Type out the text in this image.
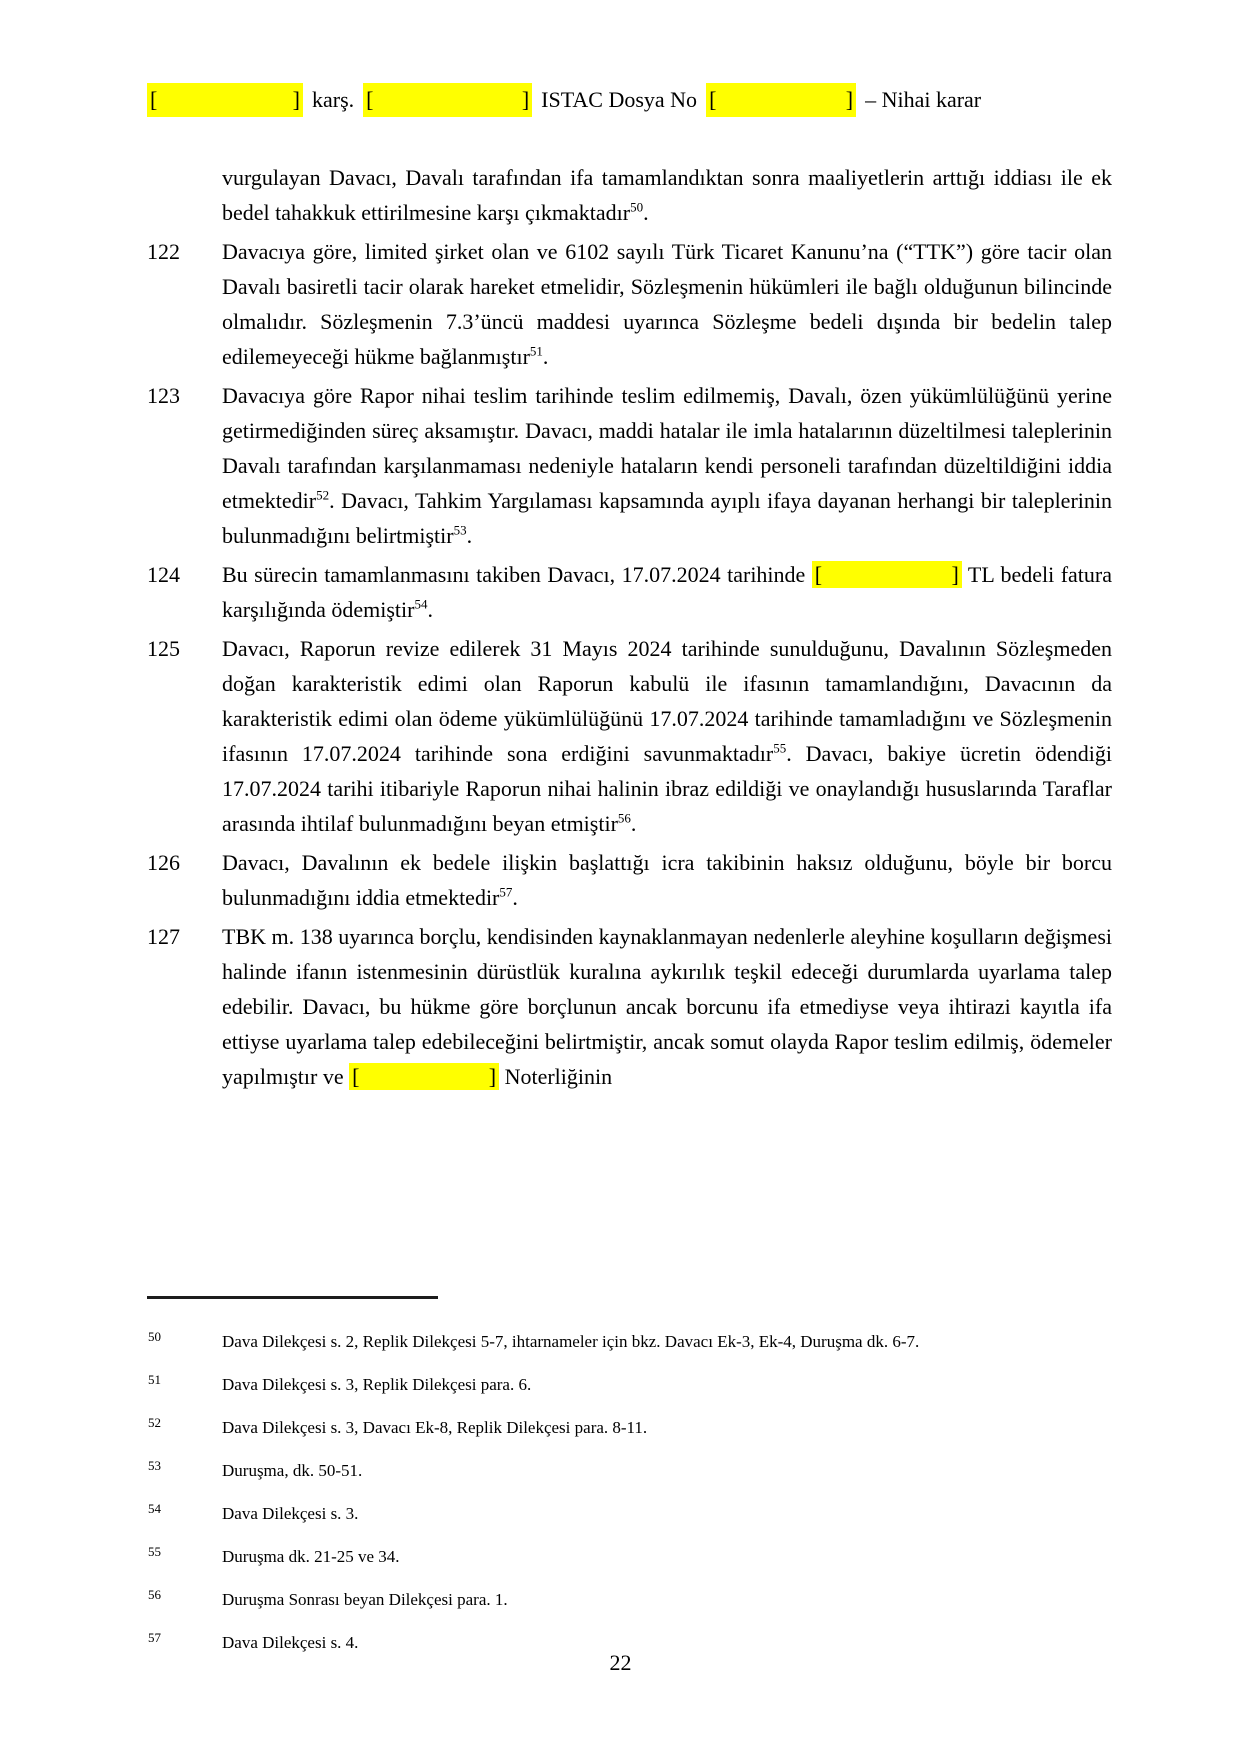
[	] karş. [	] ISTAC Dosya No [	] – Nihai karar
vurgulayan Davacı, Davalı tarafından ifa tamamlandıktan sonra maaliyetlerin arttığı iddiası ile ek bedel tahakkuk ettirilmesine karşı çıkmaktadır$^{50}$.
122 Davacıya göre, limited şirket olan ve 6102 sayılı Türk Ticaret Kanunu’na (“TTK”) göre tacir olan Davalı basiretli tacir olarak hareket etmelidir, Sözleşmenin hükümleri ile bağlı olduğunun bilincinde olmalıdır. Sözleşmenin 7.3’üncü maddesi uyarınca Sözleşme bedeli dışında bir bedelin talep edilemeyeceği hükme bağlanmıştır$^{51}$.
123 Davacıya göre Rapor nihai teslim tarihinde teslim edilmemiş, Davalı, özen yükümlülüğünü yerine getirmediğinden süreç aksamıştır. Davacı, maddi hatalar ile imla hatalarının düzeltilmesi taleplerinin Davalı tarafından karşılanmaması nedeniyle hataların kendi personeli tarafından düzeltildiğini iddia etmektedir$^{52}$. Davacı, Tahkim Yargılaması kapsamında ayıplı ifaya dayanan herhangi bir taleplerinin bulunmadığını belirtmiştir$^{53}$.
124 Bu sürecin tamamlanmasını takiben Davacı, 17.07.2024 tarihinde [	] TL bedeli fatura karşılığında ödemiştir$^{54}$.
125 Davacı, Raporun revize edilerek 31 Mayıs 2024 tarihinde sunulduğunu, Davalının Sözleşmeden doğan karakteristik edimi olan Raporun kabulü ile ifasının tamamlandığını, Davacının da karakteristik edimi olan ödeme yükümlülüğünü 17.07.2024 tarihinde tamamladığını ve Sözleşmenin ifasının 17.07.2024 tarihinde sona erdiğini savunmaktadır$^{55}$. Davacı, bakiye ücretin ödendiği 17.07.2024 tarihi itibariyle Raporun nihai halinin ibraz edildiği ve onaylandığı hususlarında Taraflar arasında ihtilaf bulunmadığını beyan etmiştir$^{56}$.
126 Davacı, Davalının ek bedele ilişkin başlattığı icra takibinin haksız olduğunu, böyle bir borcu bulunmadığını iddia etmektedir$^{57}$.
127 TBK m. 138 uyarınca borçlu, kendisinden kaynaklanmayan nedenlerle aleyhine koşulların değişmesi halinde ifanın istenmesinin dürüstlük kuralına aykırılık teşkil edeceği durumlarda uyarlama talep edebilir. Davacı, bu hükme göre borçlunun ancak borcunu ifa etmediyse veya ihtirazi kayıtla ifa ettiyse uyarlama talep edebileceğini belirtmiştir, ancak somut olayda Rapor teslim edilmiş, ödemeler yapılmıştır ve [	] Noterliğinin
50	Dava Dilekçesi s. 2, Replik Dilekçesi 5-7, ihtarnameler için bkz. Davacı Ek-3, Ek-4, Duruşma dk. 6-7.
51	Dava Dilekçesi s. 3, Replik Dilekçesi para. 6.
52	Dava Dilekçesi s. 3, Davacı Ek-8, Replik Dilekçesi para. 8-11.
53	Duruşma, dk. 50-51.
54	Dava Dilekçesi s. 3.
55	Duruşma dk. 21-25 ve 34.
56	Duruşma Sonrası beyan Dilekçesi para. 1.
57	Dava Dilekçesi s. 4.
22
